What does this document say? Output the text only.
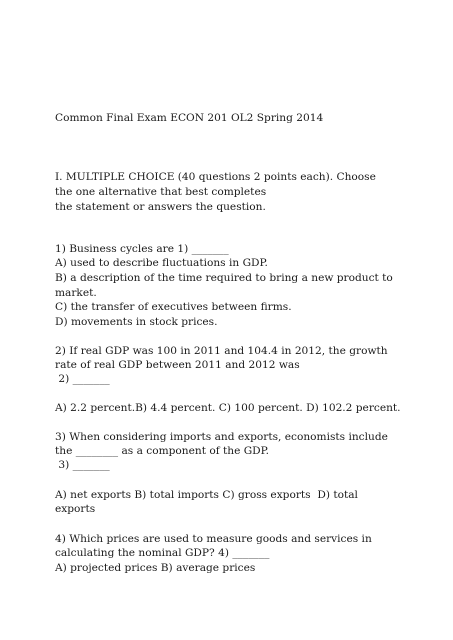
Common Final Exam ECON 201 OL2 Spring 2014

I. MULTIPLE CHOICE (40 questions 2 points each). Choose

the one alternative that best completes

the statement or answers the question.

1) Business cycles are 1) _______

A) used to describe fluctuations in GDP.

B) a description of the time required to bring a new product to

market.

C) the transfer of executives between firms.

D) movements in stock prices.

2) If real GDP was 100 in 2011 and 104.4 in 2012, the growth

rate of real GDP between 2011 and 2012 was

2) _______

A) 2.2 percent.B) 4.4 percent. C) 100 percent. D) 102.2 percent.

3) When considering imports and exports, economists include

the ________ as a component of the GDP.

3) _______

A) net exports B) total imports C) gross exports  D) total

exports

4) Which prices are used to measure goods and services in

calculating the nominal GDP? 4) _______

A) projected prices B) average prices
